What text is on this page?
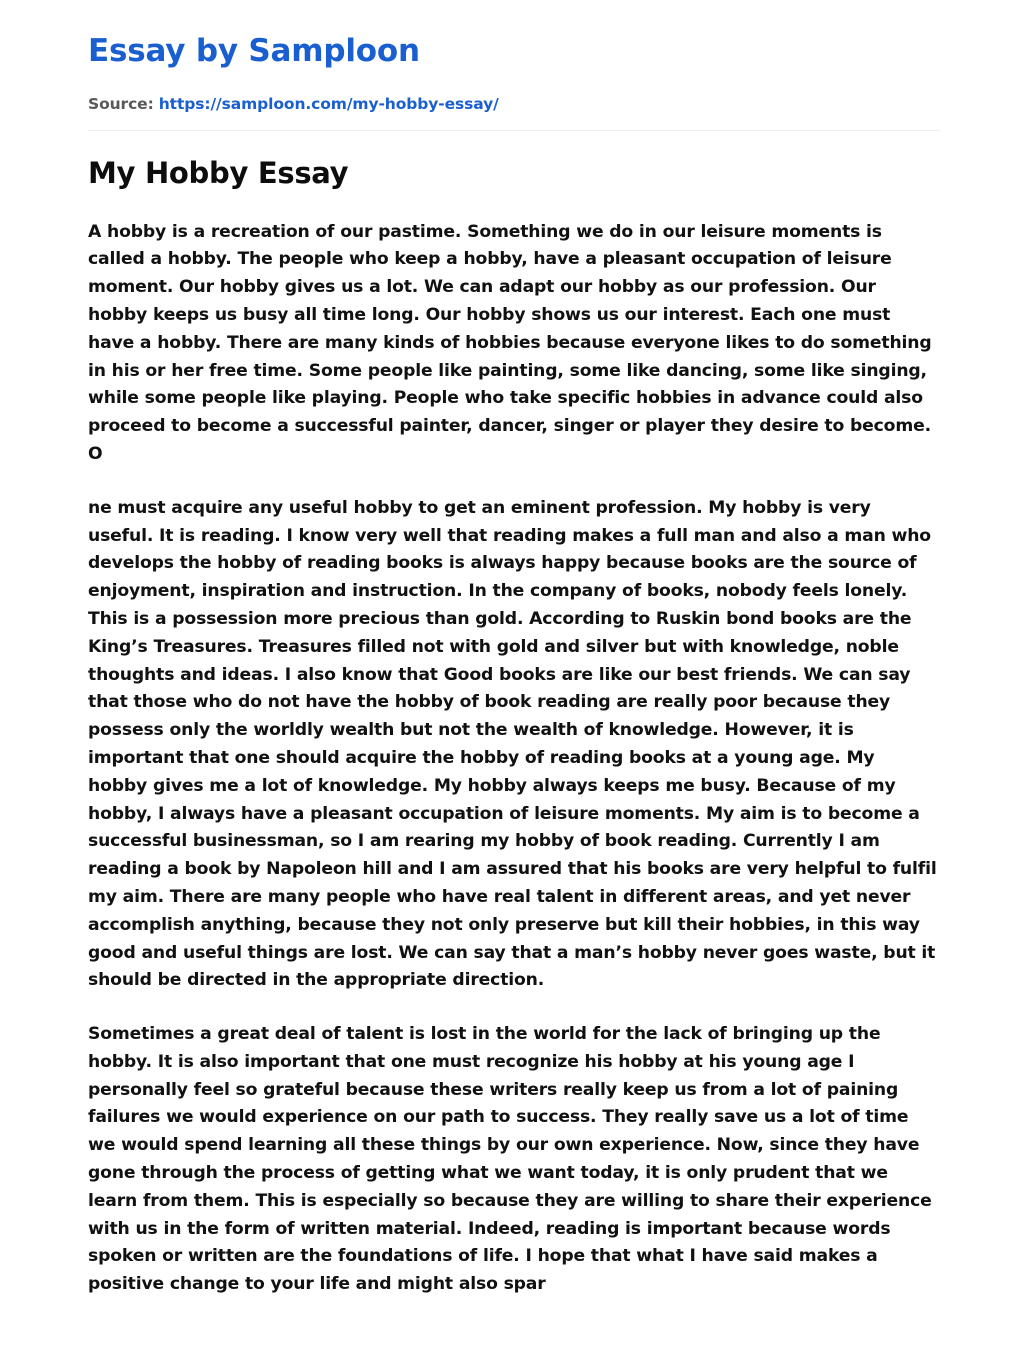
Essay by Samploon
Source: https://samploon.com/my-hobby-essay/
My Hobby Essay

A hobby is a recreation of our pastime. Something we do in our leisure moments is called a hobby. The people who keep a hobby, have a pleasant occupation of leisure moment. Our hobby gives us a lot. We can adapt our hobby as our profession. Our hobby keeps us busy all time long. Our hobby shows us our interest. Each one must have a hobby. There are many kinds of hobbies because everyone likes to do something in his or her free time. Some people like painting, some like dancing, some like singing, while some people like playing. People who take specific hobbies in advance could also proceed to become a successful painter, dancer, singer or player they desire to become. O

ne must acquire any useful hobby to get an eminent profession. My hobby is very useful. It is reading. I know very well that reading makes a full man and also a man who develops the hobby of reading books is always happy because books are the source of enjoyment, inspiration and instruction. In the company of books, nobody feels lonely. This is a possession more precious than gold. According to Ruskin bond books are the King’s Treasures. Treasures filled not with gold and silver but with knowledge, noble thoughts and ideas. I also know that Good books are like our best friends. We can say that those who do not have the hobby of book reading are really poor because they possess only the worldly wealth but not the wealth of knowledge. However, it is important that one should acquire the hobby of reading books at a young age. My hobby gives me a lot of knowledge. My hobby always keeps me busy. Because of my hobby, I always have a pleasant occupation of leisure moments. My aim is to become a successful businessman, so I am rearing my hobby of book reading. Currently I am reading a book by Napoleon hill and I am assured that his books are very helpful to fulfil my aim. There are many people who have real talent in different areas, and yet never accomplish anything, because they not only preserve but kill their hobbies, in this way good and useful things are lost. We can say that a man’s hobby never goes waste, but it should be directed in the appropriate direction.

Sometimes a great deal of talent is lost in the world for the lack of bringing up the hobby. It is also important that one must recognize his hobby at his young age I personally feel so grateful because these writers really keep us from a lot of paining failures we would experience on our path to success. They really save us a lot of time we would spend learning all these things by our own experience. Now, since they have gone through the process of getting what we want today, it is only prudent that we learn from them. This is especially so because they are willing to share their experience with us in the form of written material. Indeed, reading is important because words spoken or written are the foundations of life. I hope that what I have said makes a positive change to your life and might also spar
